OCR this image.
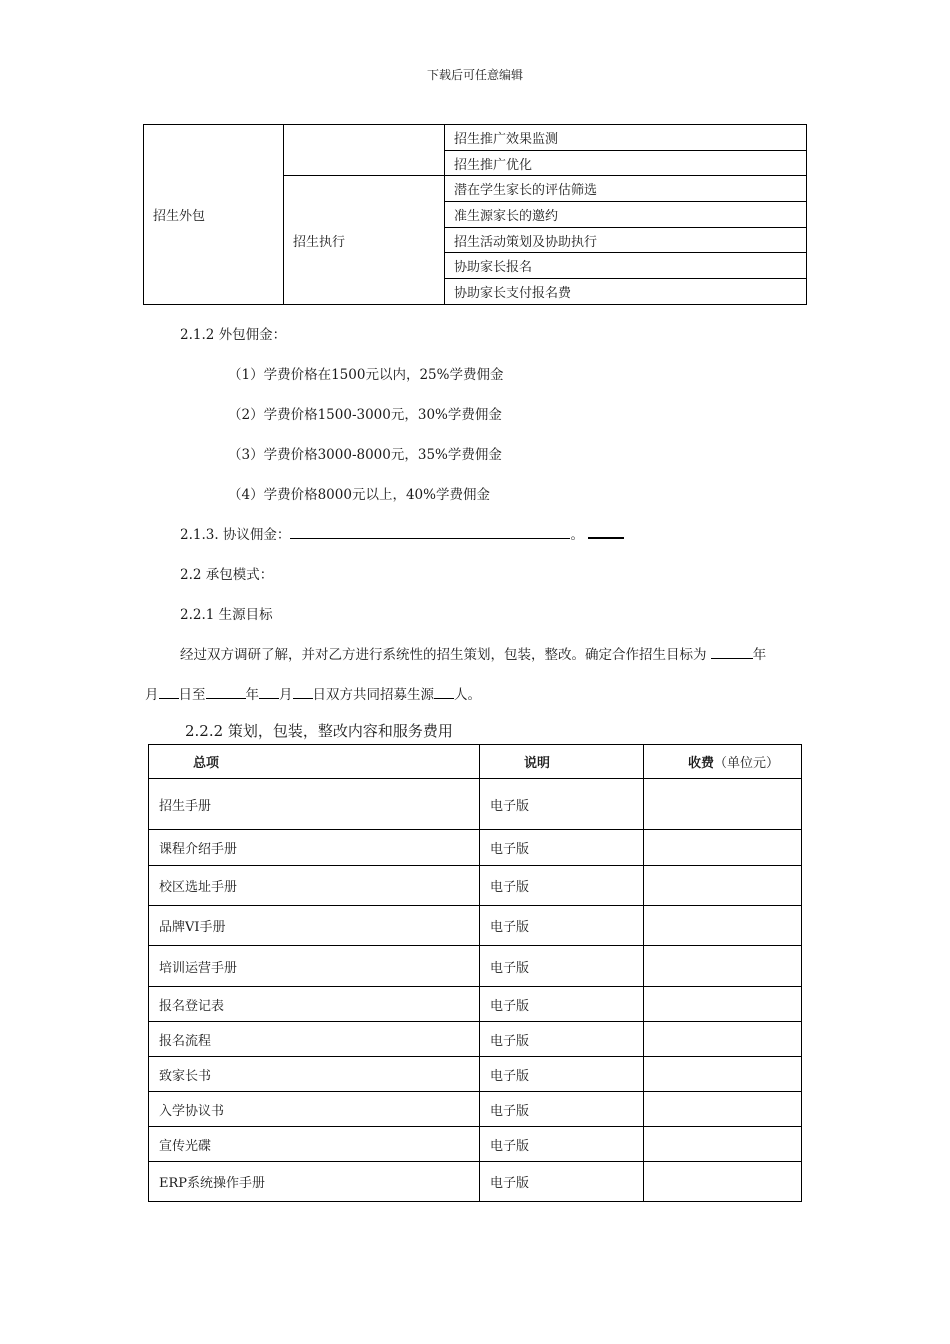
下载后可任意编辑
招生外包		招生推广效果监测
		招生推广优化
	招生执行	潜在学生家长的评估筛选
		准生源家长的邀约
		招生活动策划及协助执行
		协助家长报名
		协助家长支付报名费
2.1.2 外包佣金：
（1）学费价格在1500元以内，25%学费佣金
（2）学费价格1500-3000元，30%学费佣金
（3）学费价格3000-8000元，35%学费佣金
（4）学费价格8000元以上，40%学费佣金
2.1.3. 协议佣金：	。
2.2 承包模式：
2.2.1 生源目标
经过双方调研了解，并对乙方进行系统性的招生策划，包装，整改。确定合作招生目标为	年
月 日至	年 月 日双方共同招募生源 人。
2.2.2 策划，包装，整改内容和服务费用
总项	说明	收费（单位元）
招生手册	电子版	
课程介绍手册	电子版	
校区选址手册	电子版	
品牌VI手册	电子版	
培训运营手册	电子版	
报名登记表	电子版	
报名流程	电子版	
致家长书	电子版	
入学协议书	电子版	
宣传光碟	电子版	
ERP系统操作手册	电子版	
